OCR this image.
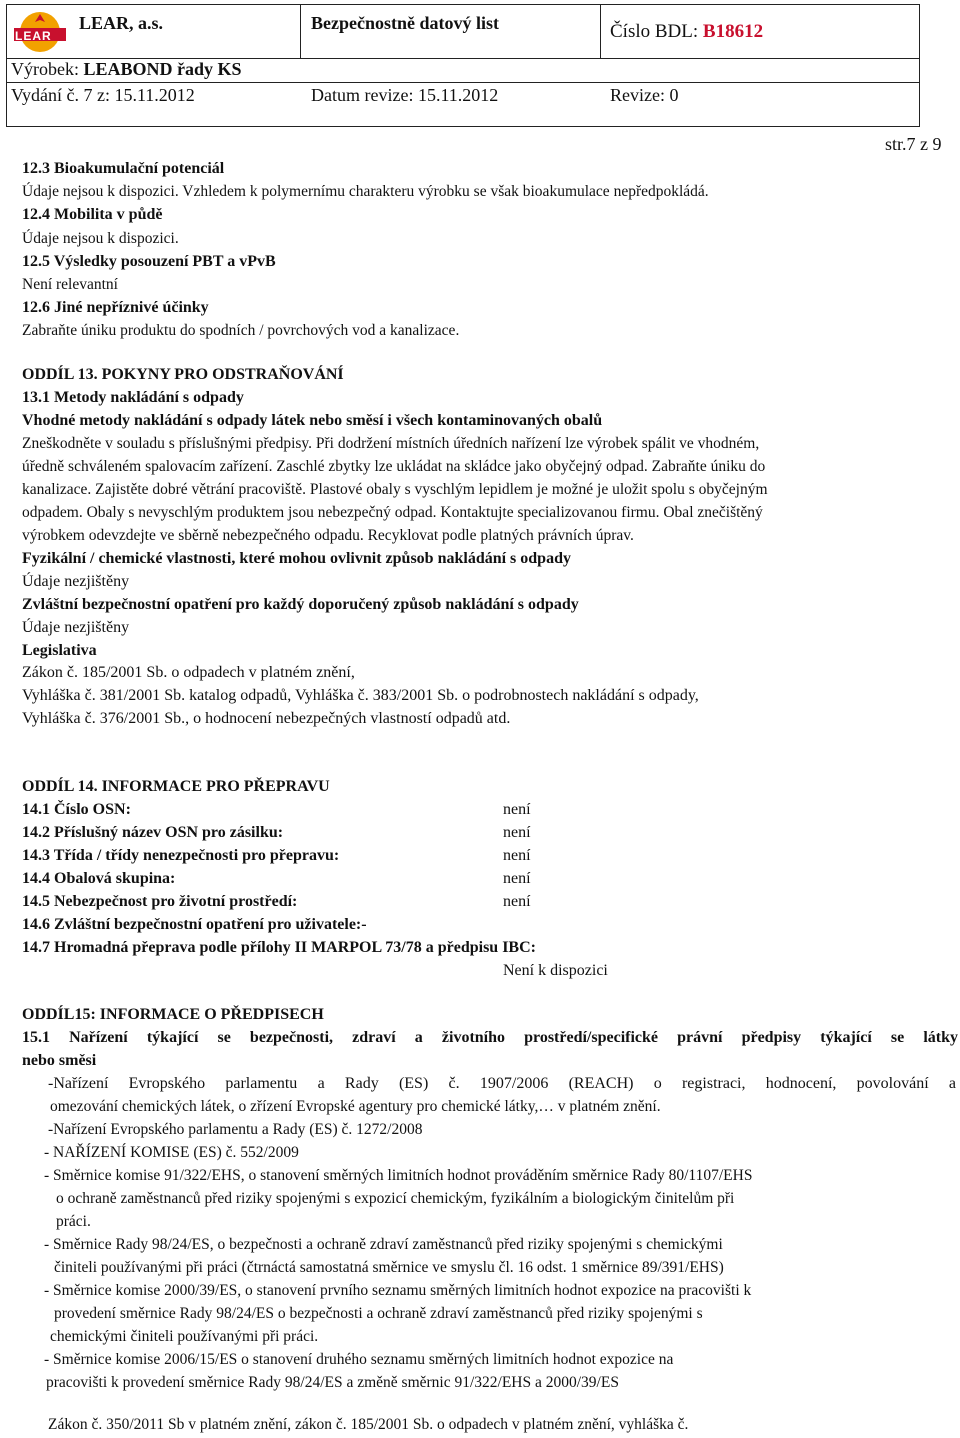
LEAR
LEAR, a.s.	Bezpečnostně datový list	Číslo BDL: B18612
Výrobek: LEABOND řady KS
Vydání č. 7 z: 15.11.2012	Datum revize: 15.11.2012	Revize: 0
str.7 z 9
12.3 Bioakumulační potenciál
Údaje nejsou k dispozici. Vzhledem k polymernímu charakteru výrobku se však bioakumulace nepředpokládá.
12.4 Mobilita v půdě
Údaje nejsou k dispozici.
12.5 Výsledky posouzení PBT a vPvB
Není relevantní
12.6 Jiné nepříznivé účinky
Zabraňte úniku produktu do spodních / povrchových vod a kanalizace.
ODDÍL 13. POKYNY PRO ODSTRAŇOVÁNÍ
13.1 Metody nakládání s odpady
Vhodné metody nakládání s odpady látek nebo směsí i všech kontaminovaných obalů
Zneškodněte v souladu s příslušnými předpisy. Při dodržení místních úředních nařízení lze výrobek spálit ve vhodném,
úředně schváleném spalovacím zařízení. Zaschlé zbytky lze ukládat na skládce jako obyčejný odpad. Zabraňte úniku do
kanalizace. Zajistěte dobré větrání pracoviště. Plastové obaly s vyschlým lepidlem je možné je uložit spolu s obyčejným
odpadem. Obaly s nevyschlým produktem jsou nebezpečný odpad. Kontaktujte specializovanou firmu. Obal znečištěný
výrobkem odevzdejte ve sběrně nebezpečného odpadu. Recyklovat podle platných právních úprav.
Fyzikální / chemické vlastnosti, které mohou ovlivnit způsob nakládání s odpady
Údaje nezjištěny
Zvláštní bezpečnostní opatření pro každý doporučený způsob nakládání s odpady
Údaje nezjištěny
Legislativa
Zákon č. 185/2001 Sb. o odpadech v platném znění,
Vyhláška č. 381/2001 Sb. katalog odpadů, Vyhláška č. 383/2001 Sb. o podrobnostech nakládání s odpady,
Vyhláška č. 376/2001 Sb., o hodnocení nebezpečných vlastností odpadů atd.
ODDÍL 14. INFORMACE PRO PŘEPRAVU
14.1 Číslo OSN:	není
14.2 Příslušný název OSN pro zásilku:	není
14.3 Třída / třídy nenezpečnosti pro přepravu:	není
14.4 Obalová skupina:	není
14.5 Nebezpečnost pro životní prostředí:	není
14.6 Zvláštní bezpečnostní opatření pro uživatele:-
14.7 Hromadná přeprava podle přílohy II MARPOL 73/78 a předpisu IBC:
Není k dispozici
ODDÍL15: INFORMACE O PŘEDPISECH
15.1 Nařízení týkající se bezpečnosti, zdraví a životního prostředí/specifické právní předpisy týkající se látky
nebo směsi
-Nařízení Evropského parlamentu a Rady (ES) č. 1907/2006 (REACH) o registraci, hodnocení, povolování a
omezování chemických látek, o zřízení Evropské agentury pro chemické látky,… v platném znění.
-Nařízení Evropského parlamentu a Rady (ES) č. 1272/2008
- NAŘÍZENÍ KOMISE (ES) č. 552/2009
- Směrnice komise 91/322/EHS, o stanovení směrných limitních hodnot prováděním směrnice Rady 80/1107/EHS
o ochraně zaměstnanců před riziky spojenými s expozicí chemickým, fyzikálním a biologickým činitelům při
práci.
- Směrnice Rady 98/24/ES, o bezpečnosti a ochraně zdraví zaměstnanců před riziky spojenými s chemickými
činiteli používanými při práci (čtrnáctá samostatná směrnice ve smyslu čl. 16 odst. 1 směrnice 89/391/EHS)
- Směrnice komise 2000/39/ES, o stanovení prvního seznamu směrných limitních hodnot expozice na pracovišti k
provedení směrnice Rady 98/24/ES o bezpečnosti a ochraně zdraví zaměstnanců před riziky spojenými s
chemickými činiteli používanými při práci.
- Směrnice komise 2006/15/ES o stanovení druhého seznamu směrných limitních hodnot expozice na
pracovišti k provedení směrnice Rady 98/24/ES a změně směrnic 91/322/EHS a 2000/39/ES
Zákon č. 350/2011 Sb v platném znění, zákon č. 185/2001 Sb. o odpadech v platném znění, vyhláška č.
